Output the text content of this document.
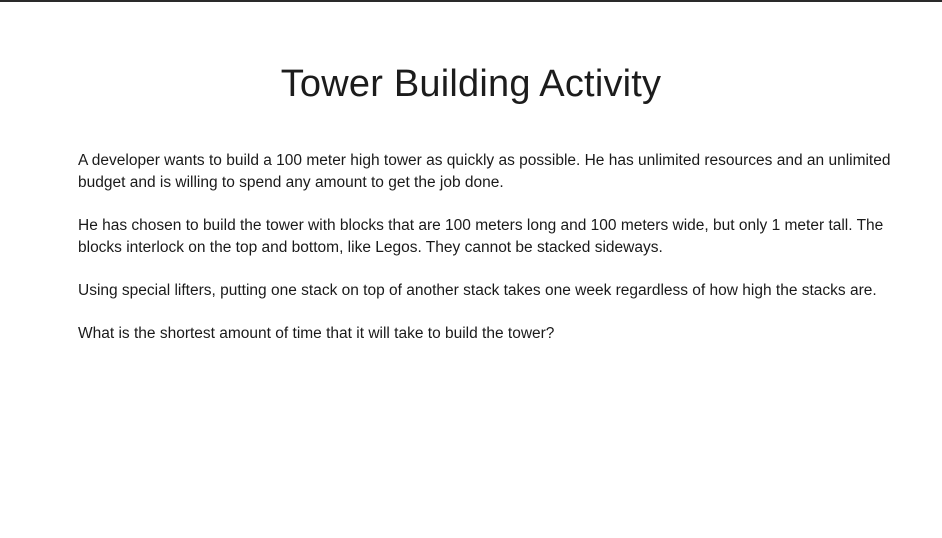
Tower Building Activity

A developer wants to build a 100 meter high tower as quickly as possible. He has unlimited resources and an unlimited budget and is willing to spend any amount to get the job done.

He has chosen to build the tower with blocks that are 100 meters long and 100 meters wide, but only 1 meter tall. The blocks interlock on the top and bottom, like Legos. They cannot be stacked sideways.

Using special lifters, putting one stack on top of another stack takes one week regardless of how high the stacks are.

What is the shortest amount of time that it will take to build the tower?
